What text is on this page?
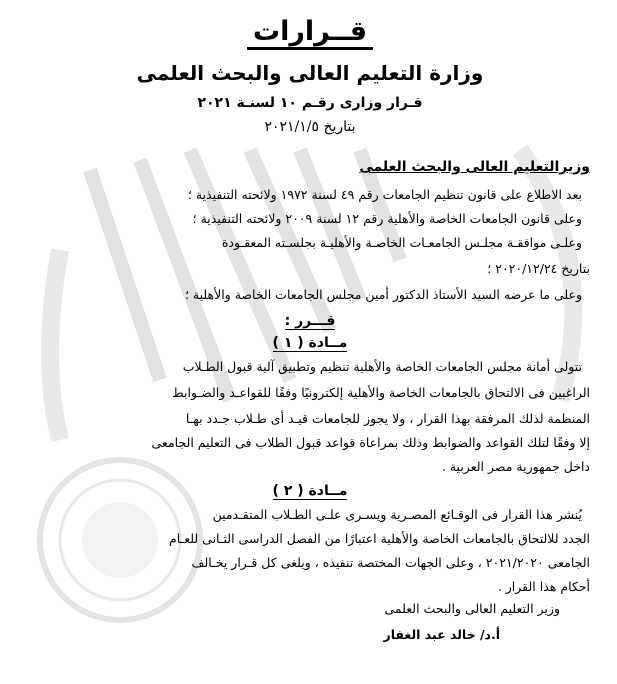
قــرارات
وزارة التعليم العالى والبحث العلمى
قـرار وزارى رقـم ١٠ لسنـة ٢٠٢١
بتاريخ ٢٠٢١/١/٥
وزيرالتعليم العالى والبحث العلمى
بعد الاطلاع على قانون تنظيم الجامعات رقم ٤٩ لسنة ١٩٧٢ ولائحته التنفيذية ؛
وعلى قانون الجامعات الخاصة والأهلية رقم ١٢ لسنة ٢٠٠٩ ولائحته التنفيذية ؛
وعلـى موافقـة مجلـس الجامعـات الخاصـة والأهليـة بجلسـته المعقـودة
بتاريخ ٢٠٢٠/١٢/٢٤ ؛
وعلى ما عرضه السيد الأستاذ الدكتور أمين مجلس الجامعات الخاصة والأهلية ؛
قـــرر :
مــادة ( ١ )
تتولى أمانة مجلس الجامعات الخاصة والأهلية تنظيم وتطبيق آلية قبول الطـلاب
الراغبين فى الالتحاق بالجامعات الخاصة والأهلية إلكترونيًا وفقًا للقواعـد والضـوابط
المنظمة لذلك المرفقة بهذا القرار ، ولا يجوز للجامعات قيـد أى طـلاب جـدد بهـا
إلا وفقًا لتلك القواعد والضوابط وذلك بمراعاة قواعد قبول الطلاب فى التعليم الجامعى
داخل جمهورية مصر العربية .
مــادة ( ٢ )
يُنشر هذا القرار فى الوقـائع المصـرية ويسـرى علـى الطـلاب المتقـدمين
الجدد للالتحاق بالجامعات الخاصة والأهلية اعتبارًا من الفصل الدراسى الثـانى للعـام
الجامعى ٢٠٢١/٢٠٢٠ ، وعلى الجهات المختصة تنفيذه ، ويلغى كل قـرار يخـالف
أحكام هذا القرار .
وزير التعليم العالى والبحث العلمى
أ.د/ خالد عبد الغفار
